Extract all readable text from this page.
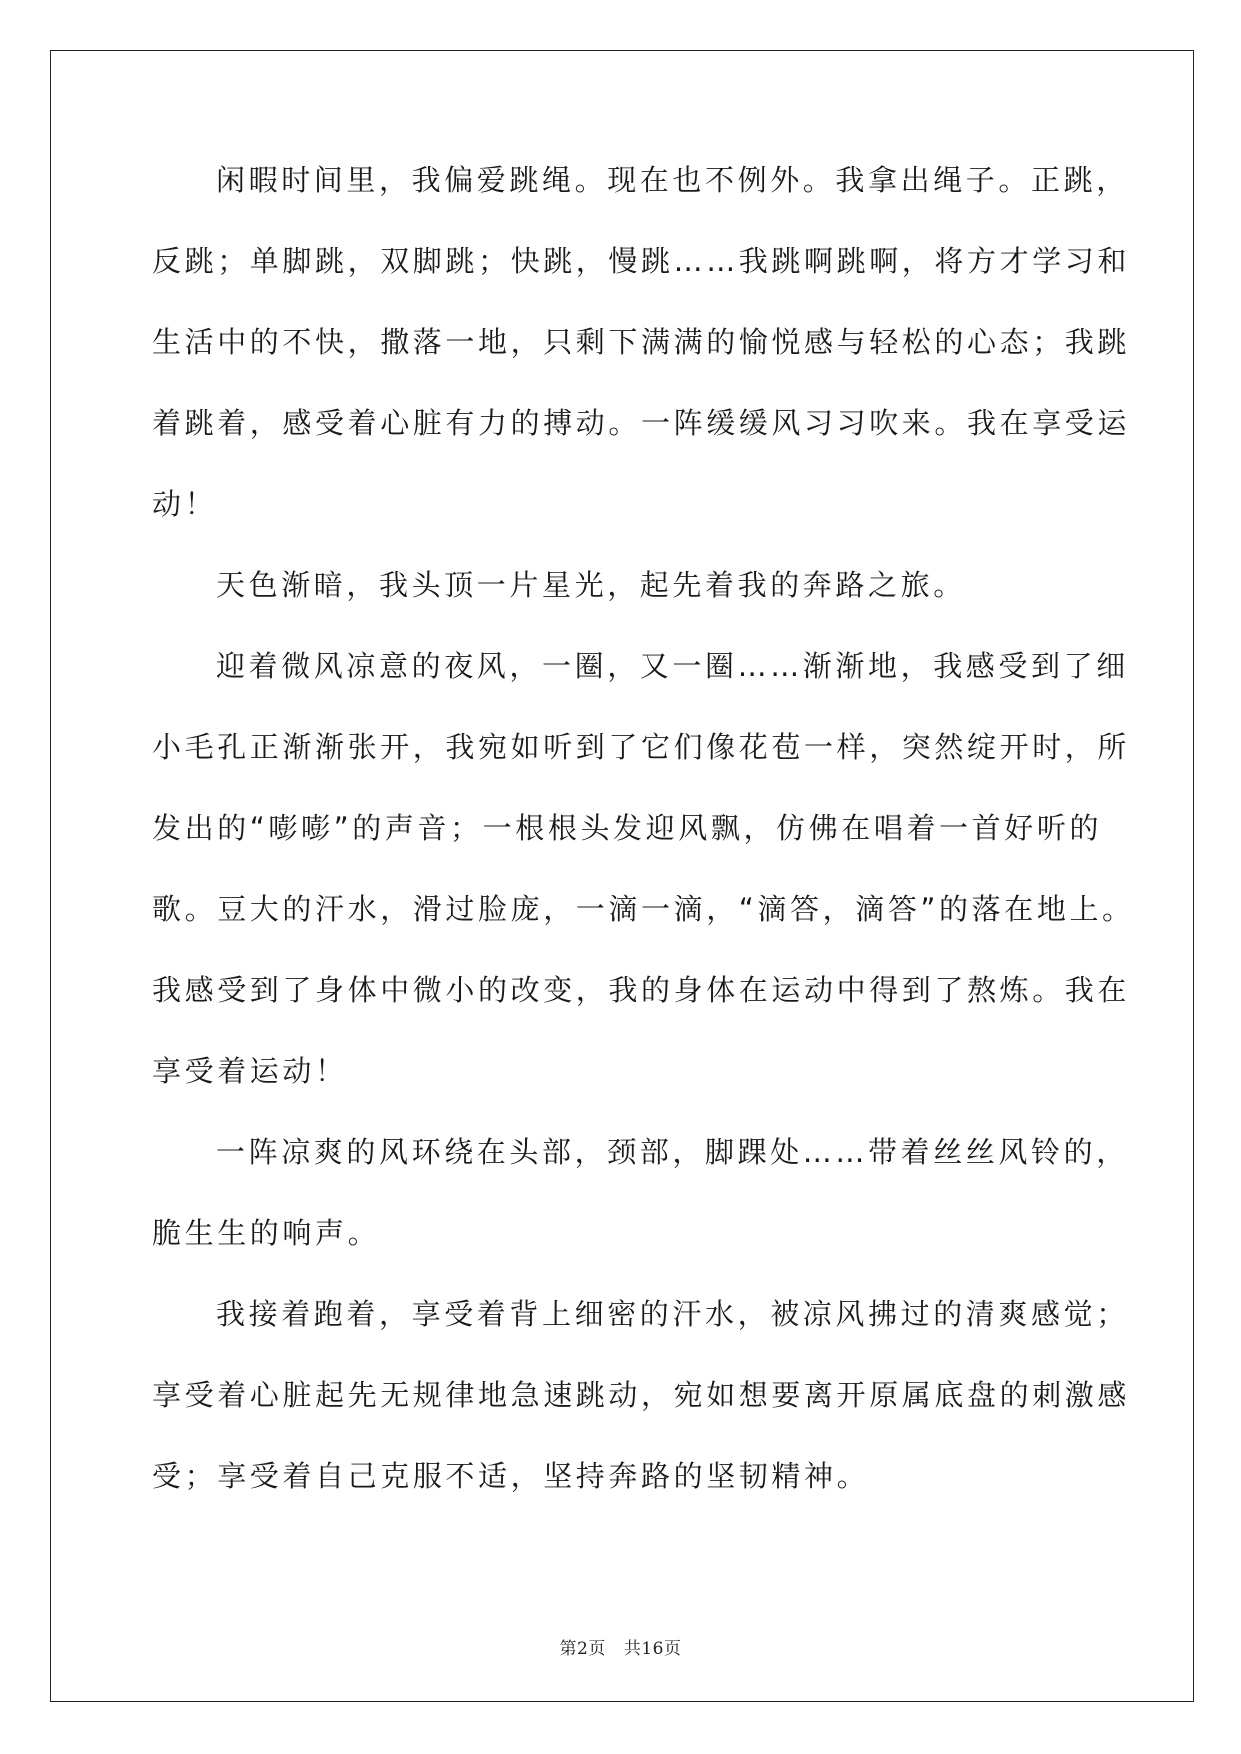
闲暇时间里，我偏爱跳绳。现在也不例外。我拿出绳子。正跳，
反跳；单脚跳，双脚跳；快跳，慢跳……我跳啊跳啊，将方才学习和
生活中的不快，撒落一地，只剩下满满的愉悦感与轻松的心态；我跳
着跳着，感受着心脏有力的搏动。一阵缓缓风习习吹来。我在享受运
动！
天色渐暗，我头顶一片星光，起先着我的奔路之旅。
迎着微风凉意的夜风，一圈，又一圈……渐渐地，我感受到了细
小毛孔正渐渐张开，我宛如听到了它们像花苞一样，突然绽开时，所
发出的“嘭嘭”的声音；一根根头发迎风飘，仿佛在唱着一首好听的
歌。豆大的汗水，滑过脸庞，一滴一滴，“滴答，滴答”的落在地上。
我感受到了身体中微小的改变，我的身体在运动中得到了熬炼。我在
享受着运动！
一阵凉爽的风环绕在头部，颈部，脚踝处……带着丝丝风铃的，
脆生生的响声。
我接着跑着，享受着背上细密的汗水，被凉风拂过的清爽感觉；
享受着心脏起先无规律地急速跳动，宛如想要离开原属底盘的刺激感
受；享受着自己克服不适，坚持奔路的坚韧精神。
第2页 共16页
